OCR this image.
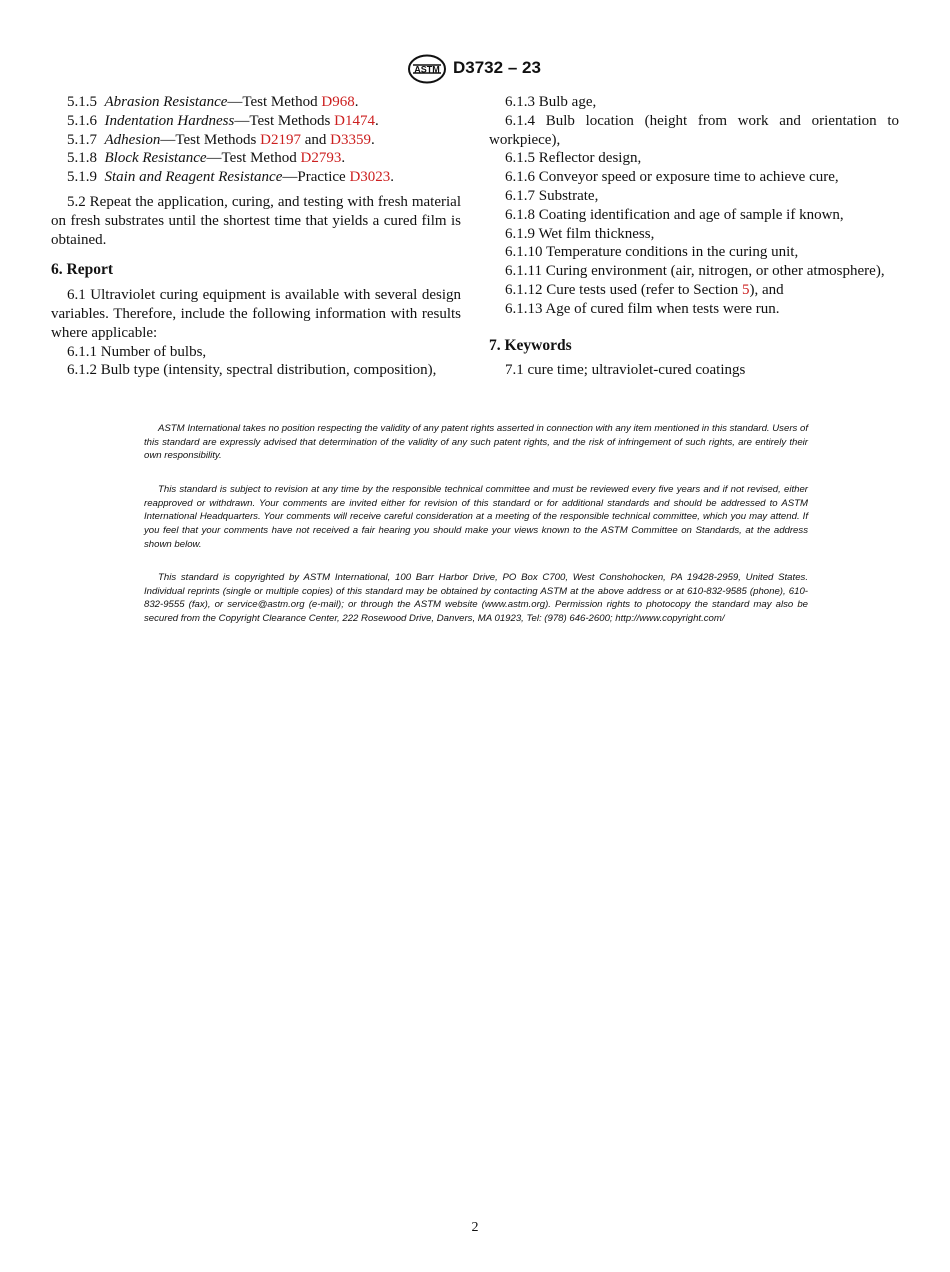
ASTM D3732 – 23

5.1.5 Abrasion Resistance—Test Method D968.

5.1.6 Indentation Hardness—Test Methods D1474.

5.1.7 Adhesion—Test Methods D2197 and D3359.

5.1.8 Block Resistance—Test Method D2793.

5.1.9 Stain and Reagent Resistance—Practice D3023.

5.2 Repeat the application, curing, and testing with fresh material on fresh substrates until the shortest time that yields a cured film is obtained.

6. Report

6.1 Ultraviolet curing equipment is available with several design variables. Therefore, include the following information with results where applicable:

6.1.1 Number of bulbs,

6.1.2 Bulb type (intensity, spectral distribution, composition),

6.1.3 Bulb age,

6.1.4 Bulb location (height from work and orientation to workpiece),

6.1.5 Reflector design,

6.1.6 Conveyor speed or exposure time to achieve cure,

6.1.7 Substrate,

6.1.8 Coating identification and age of sample if known,

6.1.9 Wet film thickness,

6.1.10 Temperature conditions in the curing unit,

6.1.11 Curing environment (air, nitrogen, or other atmosphere),

6.1.12 Cure tests used (refer to Section 5), and

6.1.13 Age of cured film when tests were run.

7. Keywords

7.1 cure time; ultraviolet-cured coatings

ASTM International takes no position respecting the validity of any patent rights asserted in connection with any item mentioned in this standard. Users of this standard are expressly advised that determination of the validity of any such patent rights, and the risk of infringement of such rights, are entirely their own responsibility.

This standard is subject to revision at any time by the responsible technical committee and must be reviewed every five years and if not revised, either reapproved or withdrawn. Your comments are invited either for revision of this standard or for additional standards and should be addressed to ASTM International Headquarters. Your comments will receive careful consideration at a meeting of the responsible technical committee, which you may attend. If you feel that your comments have not received a fair hearing you should make your views known to the ASTM Committee on Standards, at the address shown below.

This standard is copyrighted by ASTM International, 100 Barr Harbor Drive, PO Box C700, West Conshohocken, PA 19428-2959, United States. Individual reprints (single or multiple copies) of this standard may be obtained by contacting ASTM at the above address or at 610-832-9585 (phone), 610-832-9555 (fax), or service@astm.org (e-mail); or through the ASTM website (www.astm.org). Permission rights to photocopy the standard may also be secured from the Copyright Clearance Center, 222 Rosewood Drive, Danvers, MA 01923, Tel: (978) 646-2600; http://www.copyright.com/

2
